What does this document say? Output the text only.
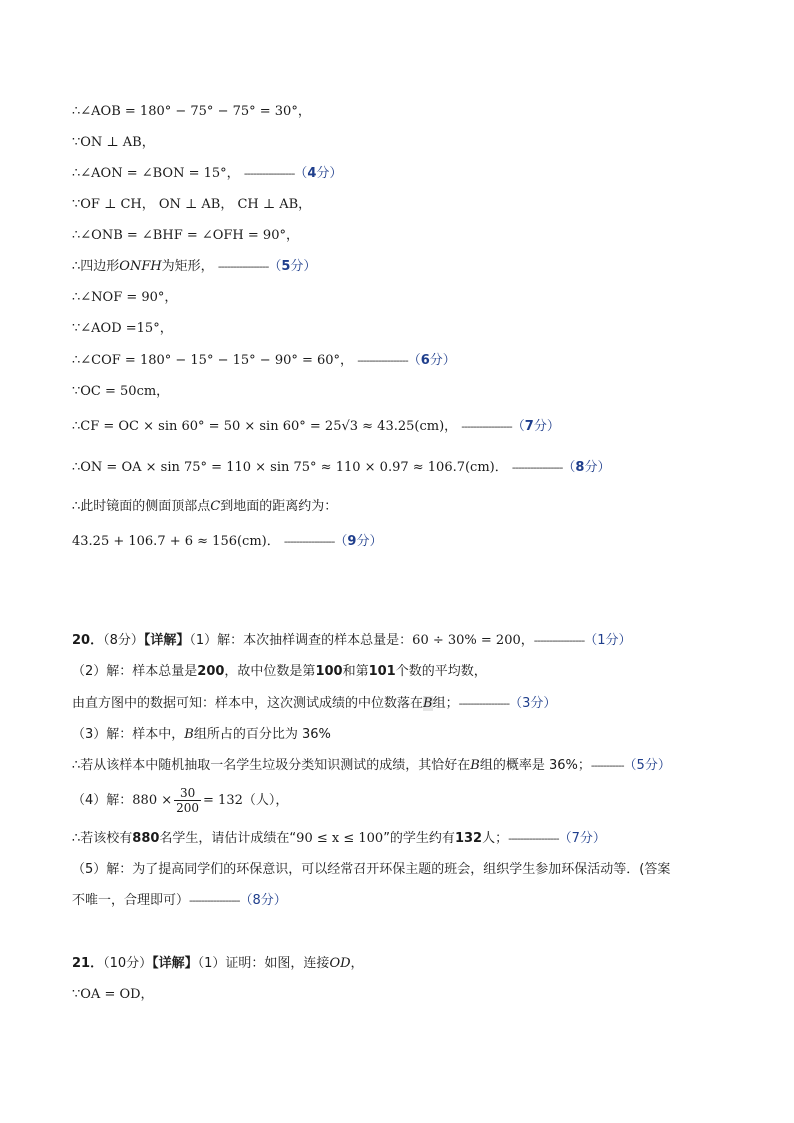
∴∠AOB = 180° − 75° − 75° = 30°，
∵ON ⊥ AB，
∴∠AON = ∠BON = 15°， -----------------（4分）
∵OF ⊥ CH， ON ⊥ AB， CH ⊥ AB，
∴∠ONB = ∠BHF = ∠OFH = 90°，
∴四边形ONFH为矩形， -----------------（5分）
∴∠NOF = 90°，
∵∠AOD =15°，
∴∠COF = 180° − 15° − 15° − 90° = 60°， -----------------（6分）
∵OC = 50cm，
∴CF = OC × sin 60° = 50 × sin 60° = 25√3 ≈ 43.25(cm)， -----------------（7分）
∴ON = OA × sin 75° = 110 × sin 75° ≈ 110 × 0.97 ≈ 106.7(cm)． -----------------（8分）
∴此时镜面的侧面顶部点C到地面的距离约为：
43.25 + 106.7 + 6 ≈ 156(cm)． -----------------（9分）
20．（8分）【详解】（1）解：本次抽样调查的样本总量是：60 ÷ 30% = 200，-----------------（1分）
（2）解：样本总量是200，故中位数是第100和第101个数的平均数，
由直方图中的数据可知：样本中，这次测试成绩的中位数落在B组；-----------------（3分）
（3）解：样本中，B组所占的百分比为 36%
∴若从该样本中随机抽取一名学生垃圾分类知识测试的成绩，其恰好在B组的概率是 36%；-----------（5分）
（4）解：$880 \times \frac{30}{200} = 132$（人），
∴若该校有880名学生，请估计成绩在“90 ≤ x ≤ 100”的学生约有132人；-----------------（7分）
（5）解：为了提高同学们的环保意识，可以经常召开环保主题的班会，组织学生参加环保活动等．(答案
不唯一，合理即可）-----------------（8分）
21．（10分）【详解】（1）证明：如图，连接OD，
∵OA = OD，
